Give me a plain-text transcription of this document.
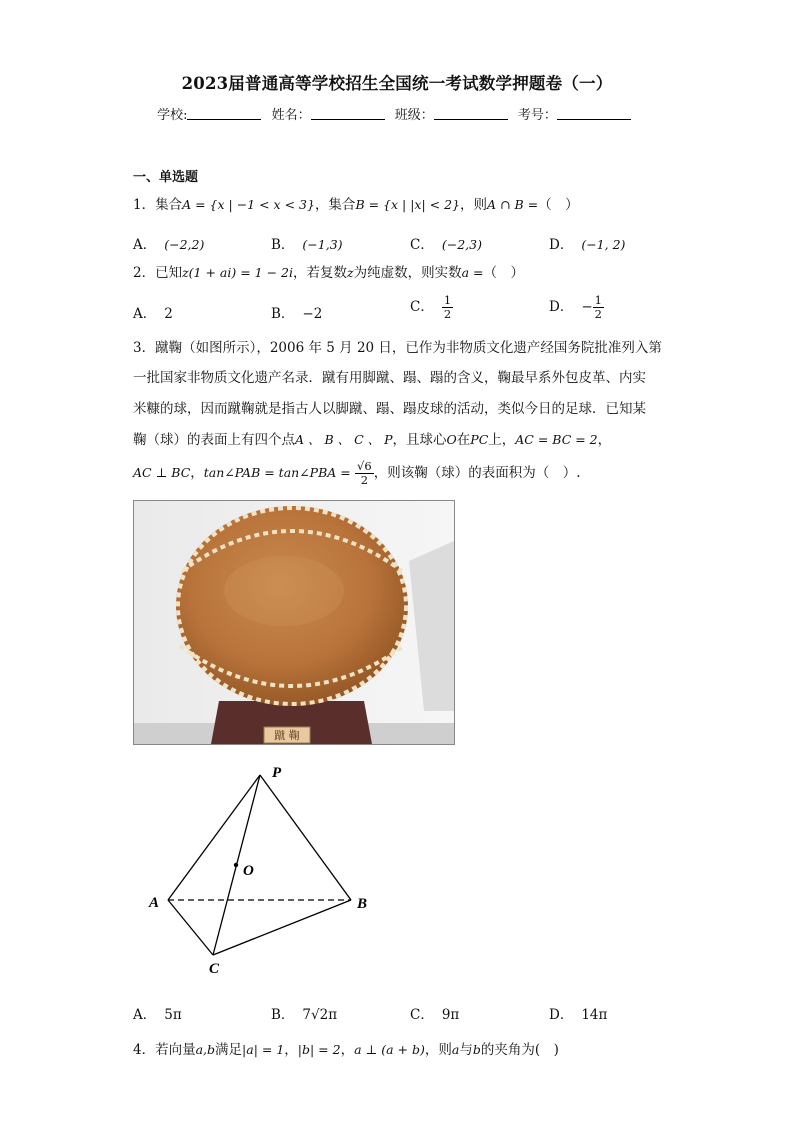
2023届普通高等学校招生全国统一考试数学押题卷（一）
学校:	姓名：	班级：	考号：
一、单选题
1．集合A = {x | −1 < x < 3}，集合B = {x | |x| < 2}，则A ∩ B =（　）
A． (−2,2)	B． (−1,3)	C． (−2,3)	D． (−1, 2)
2．已知z(1 + ai) = 1 − 2i，若复数z为纯虚数，则实数a =（　）
A． 2	B． −2	C． $\frac{1}{2}$	D． − $\frac{1}{2}$
3．蹴鞠（如图所示），2006 年 5 月 20 日，已作为非物质文化遗产经国务院批准列入第
一批国家非物质文化遗产名录．蹴有用脚蹴、蹋、蹋的含义，鞠最早系外包皮革、内实
米糠的球，因而蹴鞠就是指古人以脚蹴、蹋、蹋皮球的活动，类似今日的足球．已知某
鞠（球）的表面上有四个点A 、 B 、 C 、 P，且球心O在PC上，AC = BC = 2，
AC ⊥ BC，tan∠PAB = tan∠PBA = $\frac{√6}{2}$ ，则该鞠（球）的表面积为（　）.
蹴 鞠
P
O
A	B
C
A． 5π	B． 7√2π	C． 9π	D． 14π
4．若向量a,b满足|a| = 1，|b| = 2，a ⊥ (a + b)，则a与b的夹角为(　)
